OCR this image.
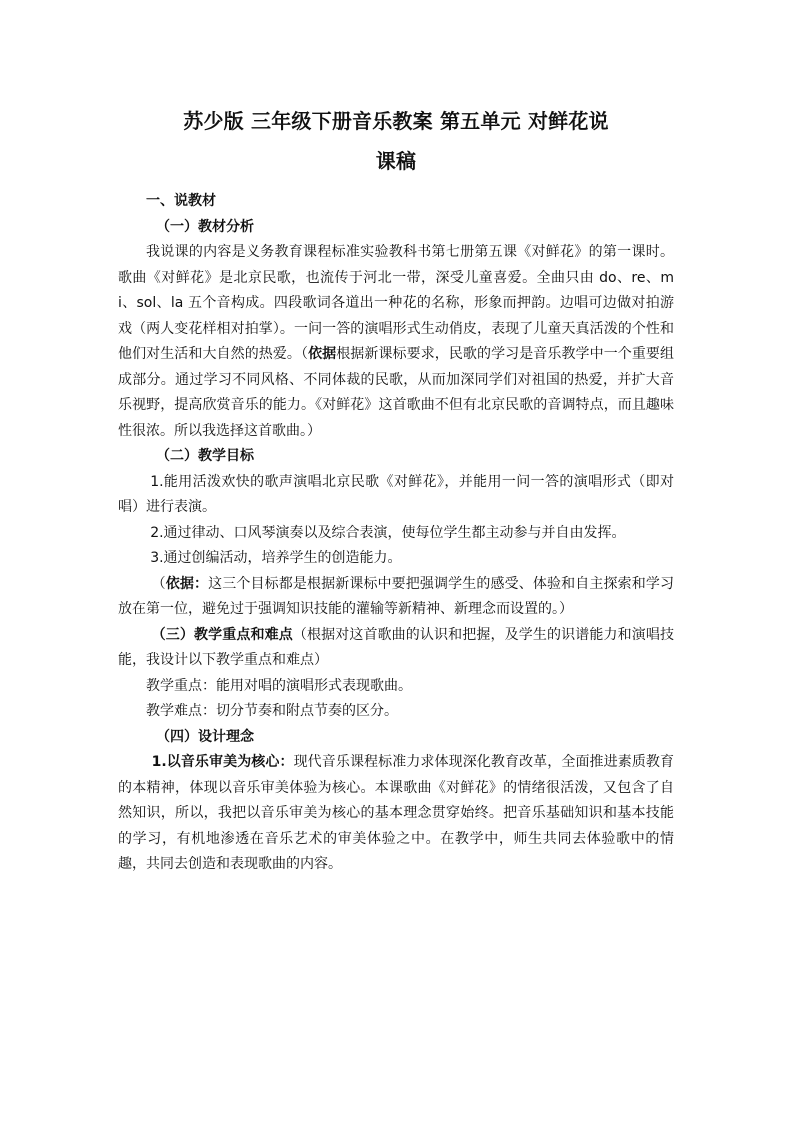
苏少版 三年级下册音乐教案 第五单元 对鲜花说
课稿

一、说教材

（一）教材分析

我说课的内容是义务教育课程标准实验教科书第七册第五课《对鲜花》的第一课时。歌曲《对鲜花》是北京民歌，也流传于河北一带，深受儿童喜爱。全曲只由 do、re、mi、sol、la 五个音构成。四段歌词各道出一种花的名称，形象而押韵。边唱可边做对拍游戏（两人变花样相对拍掌）。一问一答的演唱形式生动俏皮，表现了儿童天真活泼的个性和他们对生活和大自然的热爱。（依据根据新课标要求，民歌的学习是音乐教学中一个重要组成部分。通过学习不同风格、不同体裁的民歌，从而加深同学们对祖国的热爱，并扩大音乐视野，提高欣赏音乐的能力。《对鲜花》这首歌曲不但有北京民歌的音调特点，而且趣味性很浓。所以我选择这首歌曲。）

（二）教学目标

1.能用活泼欢快的歌声演唱北京民歌《对鲜花》，并能用一问一答的演唱形式（即对唱）进行表演。

2.通过律动、口风琴演奏以及综合表演，使每位学生都主动参与并自由发挥。

3.通过创编活动，培养学生的创造能力。

（依据：这三个目标都是根据新课标中要把强调学生的感受、体验和自主探索和学习放在第一位，避免过于强调知识技能的灌输等新精神、新理念而设置的。）

（三）教学重点和难点（根据对这首歌曲的认识和把握，及学生的识谱能力和演唱技能，我设计以下教学重点和难点）

教学重点：能用对唱的演唱形式表现歌曲。

教学难点：切分节奏和附点节奏的区分。

（四）设计理念

1.以音乐审美为核心：现代音乐课程标准力求体现深化教育改革，全面推进素质教育的本精神，体现以音乐审美体验为核心。本课歌曲《对鲜花》的情绪很活泼，又包含了自然知识，所以，我把以音乐审美为核心的基本理念贯穿始终。把音乐基础知识和基本技能的学习，有机地渗透在音乐艺术的审美体验之中。在教学中，师生共同去体验歌中的情趣，共同去创造和表现歌曲的内容。
